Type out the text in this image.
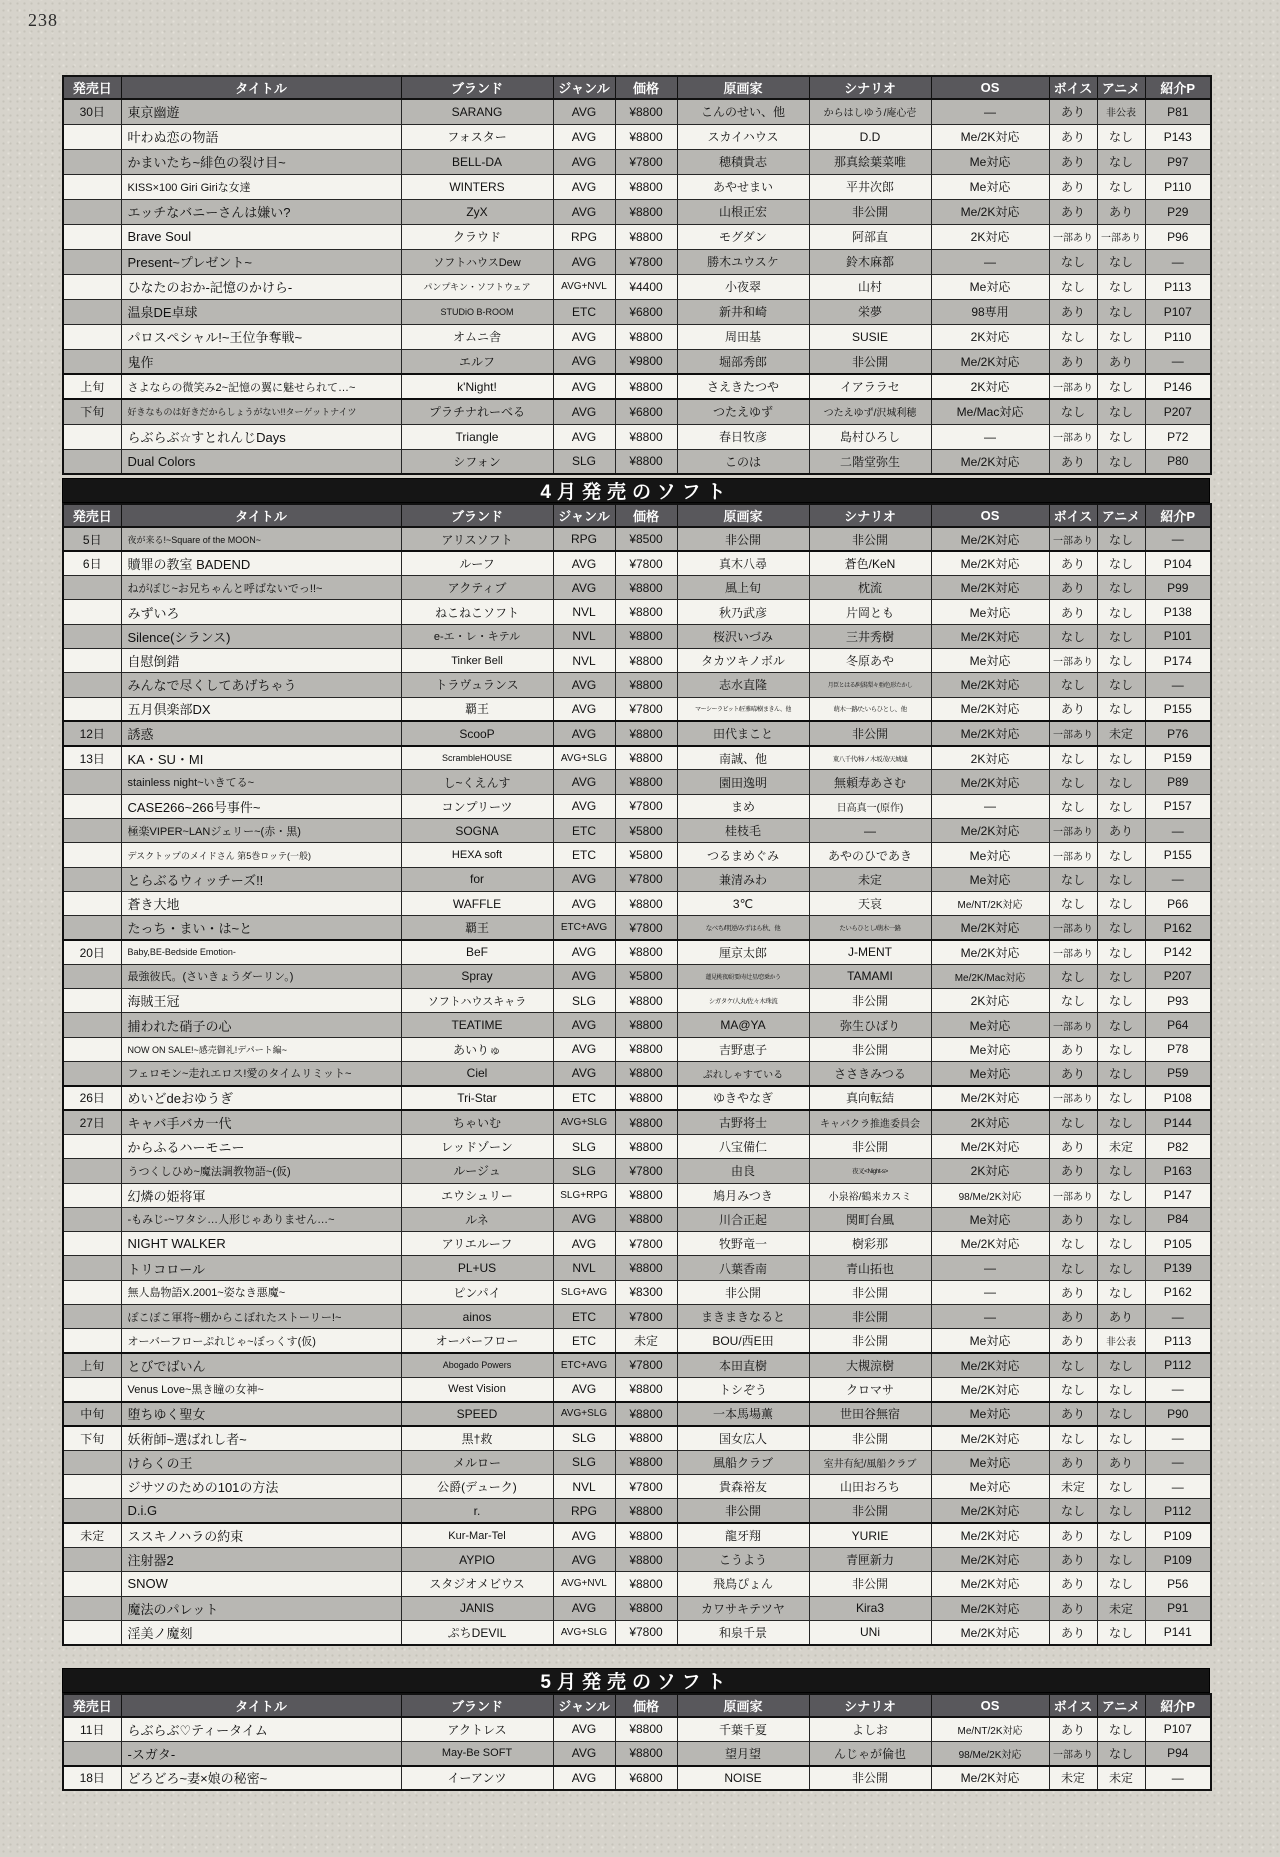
238
発売日	タイトル	ブランド	ジャンル	価格	原画家	シナリオ	OS	ボイス	アニメ	紹介P
30日	東京幽遊	SARANG	AVG	¥8800	こんのせい、他	からはしゆう/庵心壱	—	あり	非公表	P81
	叶わぬ恋の物語	フォスター	AVG	¥8800	スカイハウス	D.D	Me/2K対応	あり	なし	P143
	かまいたち~緋色の裂け目~	BELL-DA	AVG	¥7800	穂積貴志	那真絵葉菜唯	Me対応	あり	なし	P97
	KISS×100 Giri Giriな女達	WINTERS	AVG	¥8800	あやせまい	平井次郎	Me対応	あり	なし	P110
	エッチなバニーさんは嫌い?	ZyX	AVG	¥8800	山根正宏	非公開	Me/2K対応	あり	あり	P29
	Brave Soul	クラウド	RPG	¥8800	モグダン	阿部直	2K対応	一部あり	一部あり	P96
	Present~プレゼント~	ソフトハウスDew	AVG	¥7800	勝木ユウスケ	鈴木麻都	—	なし	なし	—
	ひなたのおか-記憶のかけら-	パンプキン・ソフトウェア	AVG+NVL	¥4400	小夜翠	山村	Me対応	なし	なし	P113
	温泉DE卓球	STUDiO B-ROOM	ETC	¥6800	新井和崎	栄夢	98専用	あり	なし	P107
	パロスペシャル!~王位争奪戦~	オムニ舎	AVG	¥8800	周田基	SUSIE	2K対応	なし	なし	P110
	鬼作	エルフ	AVG	¥9800	堀部秀郎	非公開	Me/2K対応	あり	あり	—
上旬	さよならの微笑み2~記憶の翼に魅せられて…~	k'Night!	AVG	¥8800	さえきたつや	イアララセ	2K対応	一部あり	なし	P146
下旬	好きなものは好きだからしょうがない!!ターゲットナイツ	プラチナれーべる	AVG	¥6800	つたえゆず	つたえゆず/沢城利穂	Me/Mac対応	なし	なし	P207
	らぶらぶ☆すとれんじDays	Triangle	AVG	¥8800	春日牧彦	島村ひろし	—	一部あり	なし	P72
	Dual Colors	シフォン	SLG	¥8800	このは	二階堂弥生	Me/2K対応	あり	なし	P80
4月発売のソフト
発売日	タイトル	ブランド	ジャンル	価格	原画家	シナリオ	OS	ボイス	アニメ	紹介P
5日	夜が来る!~Square of the MOON~	アリスソフト	RPG	¥8500	非公開	非公開	Me/2K対応	一部あり	なし	—
6日	贖罪の教室 BADEND	ルーフ	AVG	¥7800	真木八尋	蒼色/KeN	Me/2K対応	あり	なし	P104
	ねがぽじ~お兄ちゃんと呼ばないでっ!!~	アクティブ	AVG	¥8800	風上旬	枕流	Me/2K対応	あり	なし	P99
	みずいろ	ねこねこソフト	NVL	¥8800	秋乃武彦	片岡とも	Me対応	あり	なし	P138
	Silence(シランス)	e-エ・レ・キテル	NVL	¥8800	桜沢いづみ	三井秀樹	Me/2K対応	なし	なし	P101
	自慰倒錯	Tinker Bell	NVL	¥8800	タカツキノボル	冬原あや	Me対応	一部あり	なし	P174
	みんなで尽くしてあげちゃう	トラヴュランス	AVG	¥8800	志水直隆	月臣とはる/阿潟梨々亜/色形たかし	Me/2K対応	なし	なし	—
	五月倶楽部DX	覇王	AVG	¥7800	マーシーラビット/匠雅晴/樹まきん、他	萌木一路/たいらひとし、他	Me/2K対応	あり	なし	P155
12日	誘惑	ScooP	AVG	¥8800	田代まこと	非公開	Me/2K対応	一部あり	未定	P76
13日	KA・SU・MI	ScrambleHOUSE	AVG+SLG	¥8800	南誠、他	東八千代/柿ノ木坂茂/天城連	2K対応	なし	なし	P159
	stainless night~いきてる~	し~くえんす	AVG	¥8800	園田逸明	無頼寿あさむ	Me/2K対応	なし	なし	P89
	CASE266~266号事件~	コンプリーツ	AVG	¥7800	まめ	日高真一(原作)	—	なし	なし	P157
	極楽VIPER~LANジェリー~(赤・黒)	SOGNA	ETC	¥5800	桂枝毛	—	Me/2K対応	一部あり	あり	—
	デスクトップのメイドさん 第5巻ロッテ(一般)	HEXA soft	ETC	¥5800	つるまめぐみ	あやのひであき	Me対応	一部あり	なし	P155
	とらぶるウィッチーズ!!	for	AVG	¥7800	兼清みわ	未定	Me対応	なし	なし	—
	蒼き大地	WAFFLE	AVG	¥8800	3℃	天哀	Me/NT/2K対応	なし	なし	P66
	たっち・まい・は~と	覇王	ETC+AVG	¥7800	なべち/明逆/みずはら秋、他	たいらひとし/萌木一路	Me/2K対応	一部あり	なし	P162
20日	Baby,BE-Bedside Emotion-	BeF	AVG	¥8800	厘京太郎	J-MENT	Me/2K対応	一部あり	なし	P142
	最強彼氏。(さいきょうダーリン。)	Spray	AVG	¥5800	蓮見桃夜/紛要/寿辻星/恋乗かう	TAMAMI	Me/2K/Mac対応	なし	なし	P207
	海賊王冠	ソフトハウスキャラ	SLG	¥8800	シガタケ/人丸/佐々木珠流	非公開	2K対応	なし	なし	P93
	捕われた硝子の心	TEATIME	AVG	¥8800	MA@YA	弥生ひばり	Me対応	一部あり	なし	P64
	NOW ON SALE!~感売御礼!デパート編~	あいりゅ	AVG	¥8800	吉野恵子	非公開	Me対応	あり	なし	P78
	フェロモン~走れエロス!愛のタイムリミット~	Ciel	AVG	¥8800	ぷれしゃすている	ささきみつる	Me対応	あり	なし	P59
26日	めいどdeおゆうぎ	Tri-Star	ETC	¥8800	ゆきやなぎ	真向転結	Me/2K対応	一部あり	なし	P108
27日	キャバ手バカ一代	ちゃいむ	AVG+SLG	¥8800	古野将士	キャバクラ推進委員会	2K対応	なし	なし	P144
	からふるハーモニー	レッドゾーン	SLG	¥8800	八宝備仁	非公開	Me/2K対応	あり	未定	P82
	うつくしひめ~魔法調教物語~(仮)	ルージュ	SLG	¥7800	由良	夜叉<Night-s>	2K対応	あり	なし	P163
	幻燐の姫将軍	エウシュリー	SLG+RPG	¥8800	鳩月みつき	小泉裕/鶴来カスミ	98/Me/2K対応	一部あり	なし	P147
	-もみじ-~ワタシ…人形じゃありません…~	ルネ	AVG	¥8800	川合正起	関町台風	Me対応	あり	なし	P84
	NIGHT WALKER	アリエルーフ	AVG	¥7800	牧野竜一	樹彩那	Me/2K対応	なし	なし	P105
	トリコロール	PL+US	NVL	¥8800	八葉香南	青山拓也	—	なし	なし	P139
	無人島物語X.2001~姿なき悪魔~	ピンパイ	SLG+AVG	¥8300	非公開	非公開	—	あり	なし	P162
	ぽこぽこ軍将~棚からこぼれたストーリー!~	ainos	ETC	¥7800	まきまきなると	非公開	—	あり	あり	—
	オーバーフローぷれじゃ~ぼっくす(仮)	オーバーフロー	ETC	未定	BOU/西E田	非公開	Me対応	あり	非公表	P113
上旬	とびでばいん	Abogado Powers	ETC+AVG	¥7800	本田直樹	大槻涼樹	Me/2K対応	なし	なし	P112
	Venus Love~黒き瞳の女神~	West Vision	AVG	¥8800	トシぞう	クロマサ	Me/2K対応	なし	なし	—
中旬	堕ちゆく聖女	SPEED	AVG+SLG	¥8800	一本馬場薫	世田谷無宿	Me対応	あり	なし	P90
下旬	妖術師~選ばれし者~	黒†救	SLG	¥8800	国女広人	非公開	Me/2K対応	なし	なし	—
	けらくの王	メルロー	SLG	¥8800	風船クラブ	室井有紀/風船クラブ	Me対応	あり	あり	—
	ジサツのための101の方法	公爵(デューク)	NVL	¥7800	貴森裕友	山田おろち	Me対応	未定	なし	—
	D.i.G	r.	RPG	¥8800	非公開	非公開	Me/2K対応	なし	なし	P112
未定	ススキノハラの約束	Kur-Mar-Tel	AVG	¥8800	龍牙翔	YURIE	Me/2K対応	あり	なし	P109
	注射器2	AYPIO	AVG	¥8800	こうよう	青匣新力	Me/2K対応	あり	なし	P109
	SNOW	スタジオメビウス	AVG+NVL	¥8800	飛鳥ぴょん	非公開	Me/2K対応	あり	なし	P56
	魔法のパレット	JANIS	AVG	¥8800	カワサキテツヤ	Kira3	Me/2K対応	あり	未定	P91
	淫美ノ魔刻	ぷちDEVIL	AVG+SLG	¥7800	和泉千景	UNi	Me/2K対応	あり	なし	P141
5月発売のソフト
発売日	タイトル	ブランド	ジャンル	価格	原画家	シナリオ	OS	ボイス	アニメ	紹介P
11日	らぶらぶ♡ティータイム	アクトレス	AVG	¥8800	千葉千夏	よしお	Me/NT/2K対応	あり	なし	P107
	-スガタ-	May-Be SOFT	AVG	¥8800	望月望	んじゃが倫也	98/Me/2K対応	一部あり	なし	P94
18日	どろどろ~妻×娘の秘密~	イーアンツ	AVG	¥6800	NOISE	非公開	Me/2K対応	未定	未定	—
